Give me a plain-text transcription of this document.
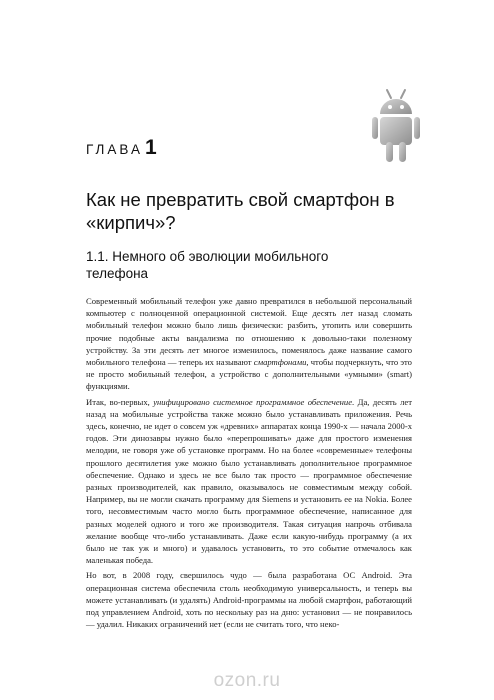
ГЛАВА 1
Как не превратить свой смартфон в «кирпич»?
1.1. Немного об эволюции мобильного телефона

Современный мобильный телефон уже давно превратился в небольшой персональный компьютер с полноценной операционной системой. Еще десять лет назад сломать мобильный телефон можно было лишь физически: разбить, утопить или совершить прочие подобные акты вандализма по отношению к довольно-таки полезному устройству. За эти десять лет многое изменилось, поменялось даже название самого мобильного телефона — теперь их называют смартфонами, чтобы подчеркнуть, что это не просто мобильный телефон, а устройство с дополнительными «умными» (smart) функциями.

Итак, во-первых, унифицировано системное программное обеспечение. Да, десять лет назад на мобильные устройства также можно было устанавливать приложения. Речь здесь, конечно, не идет о совсем уж «древних» аппаратах конца 1990-х — начала 2000-х годов. Эти динозавры нужно было «перепрошивать» даже для простого изменения мелодии, не говоря уже об установке программ. Но на более «современные» телефоны прошлого десятилетия уже можно было устанавливать дополнительное программное обеспечение. Однако и здесь не все было так просто — программное обеспечение разных производителей, как правило, оказывалось не совместимым между собой. Например, вы не могли скачать программу для Siemens и установить ее на Nokia. Более того, несовместимым часто могло быть программное обеспечение, написанное для разных моделей одного и того же производителя. Такая ситуация напрочь отбивала желание вообще что-либо устанавливать. Даже если какую-нибудь программу (а их было не так уж и много) и удавалось установить, то это событие отмечалось как маленькая победа.

Но вот, в 2008 году, свершилось чудо — была разработана ОС Android. Эта операционная система обеспечила столь необходимую универсальность, и теперь вы можете устанавливать (и удалять) Android-программы на любой смартфон, работающий под управлением Android, хоть по нескольку раз на дню: установил — не понравилось — удалил. Никаких ограничений нет (если не считать того, что неко-

ozon.ru
